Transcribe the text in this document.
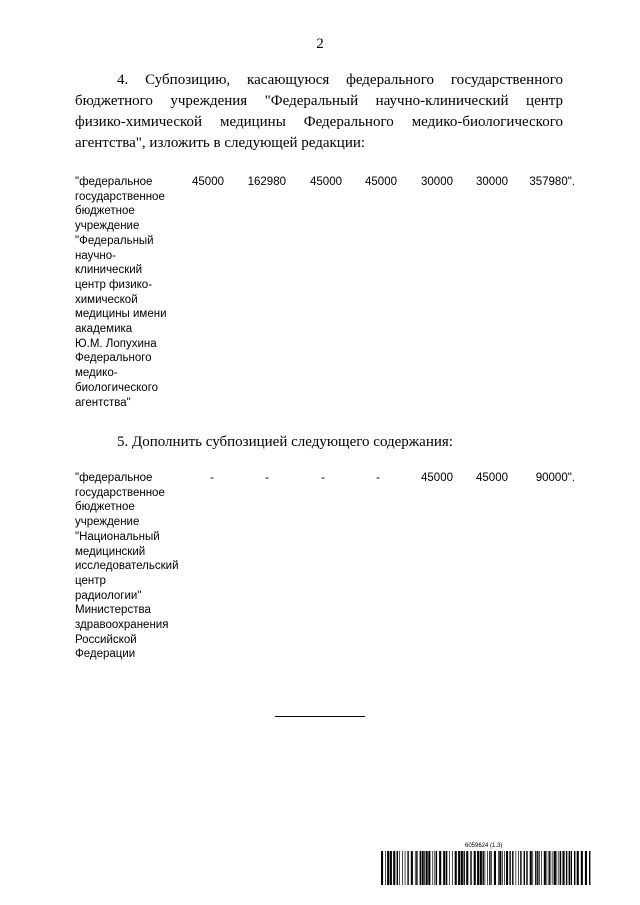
2
4. Субпозицию, касающуюся федерального государственного
бюджетного учреждения "Федеральный научно-клинический центр
физико-химической медицины Федерального медико-биологического
агентства", изложить в следующей редакции:
"федеральное
государственное
бюджетное
учреждение
"Федеральный
научно-
клинический
центр физико-
химической
медицины имени
академика
Ю.М. Лопухина
Федерального
медико-
биологического
агентства"
45000 162980 45000 45000 30000 30000 357980".
5. Дополнить субпозицией следующего содержания:
"федеральное
государственное
бюджетное
учреждение
"Национальный
медицинский
исследовательский
центр
радиологии"
Министерства
здравоохранения
Российской
Федерации
-	-	-	-	45000 45000 90000".
6059624 (1.3)
